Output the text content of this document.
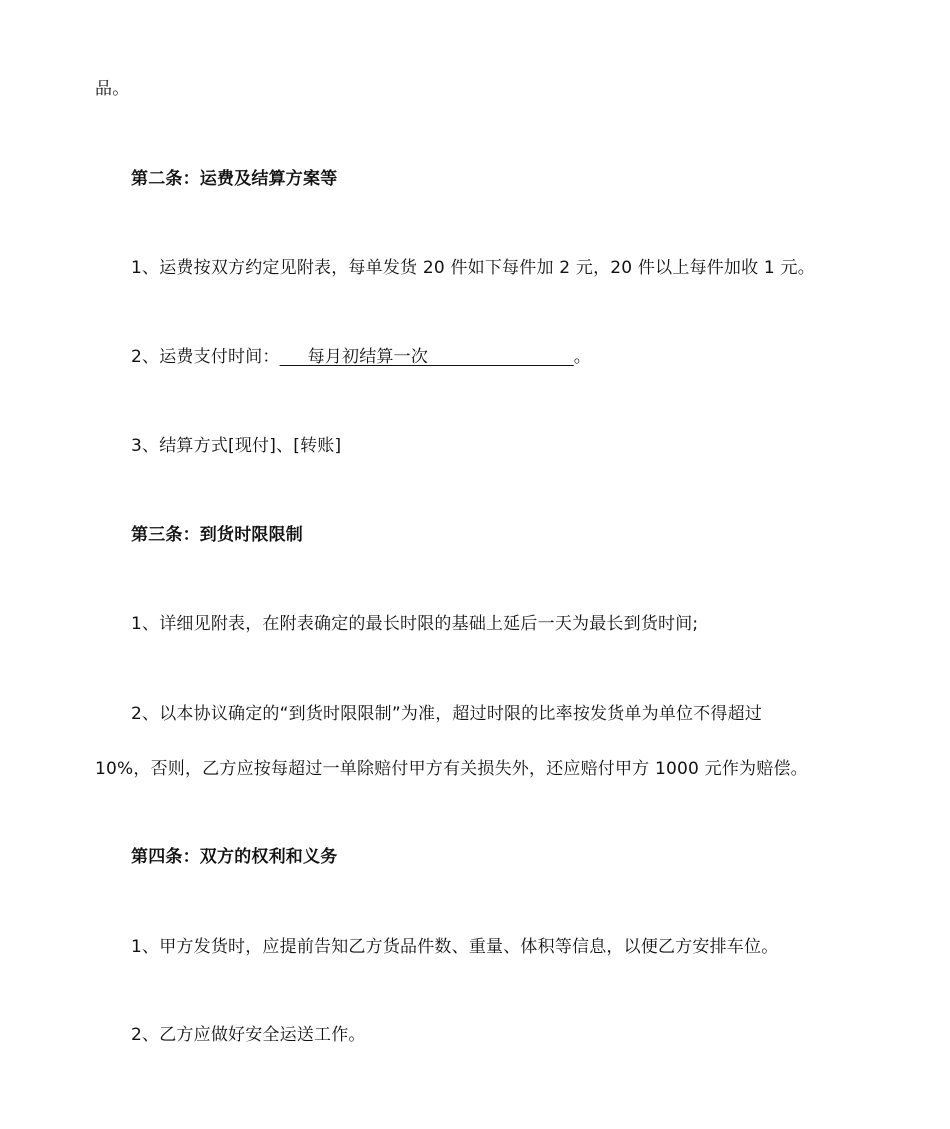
品。
第二条：运费及结算方案等
1、运费按双方约定见附表，每单发货 20 件如下每件加 2 元，20 件以上每件加收 1 元。
2、运费支付时间：     每月初结算一次                          。
3、结算方式[现付]、[转账]
第三条：到货时限限制
1、详细见附表，在附表确定的最长时限的基础上延后一天为最长到货时间;
2、以本协议确定的“到货时限限制”为准，超过时限的比率按发货单为单位不得超过
10%，否则，乙方应按每超过一单除赔付甲方有关损失外，还应赔付甲方 1000 元作为赔偿。
第四条：双方的权利和义务
1、甲方发货时，应提前告知乙方货品件数、重量、体积等信息，以便乙方安排车位。
2、乙方应做好安全运送工作。
